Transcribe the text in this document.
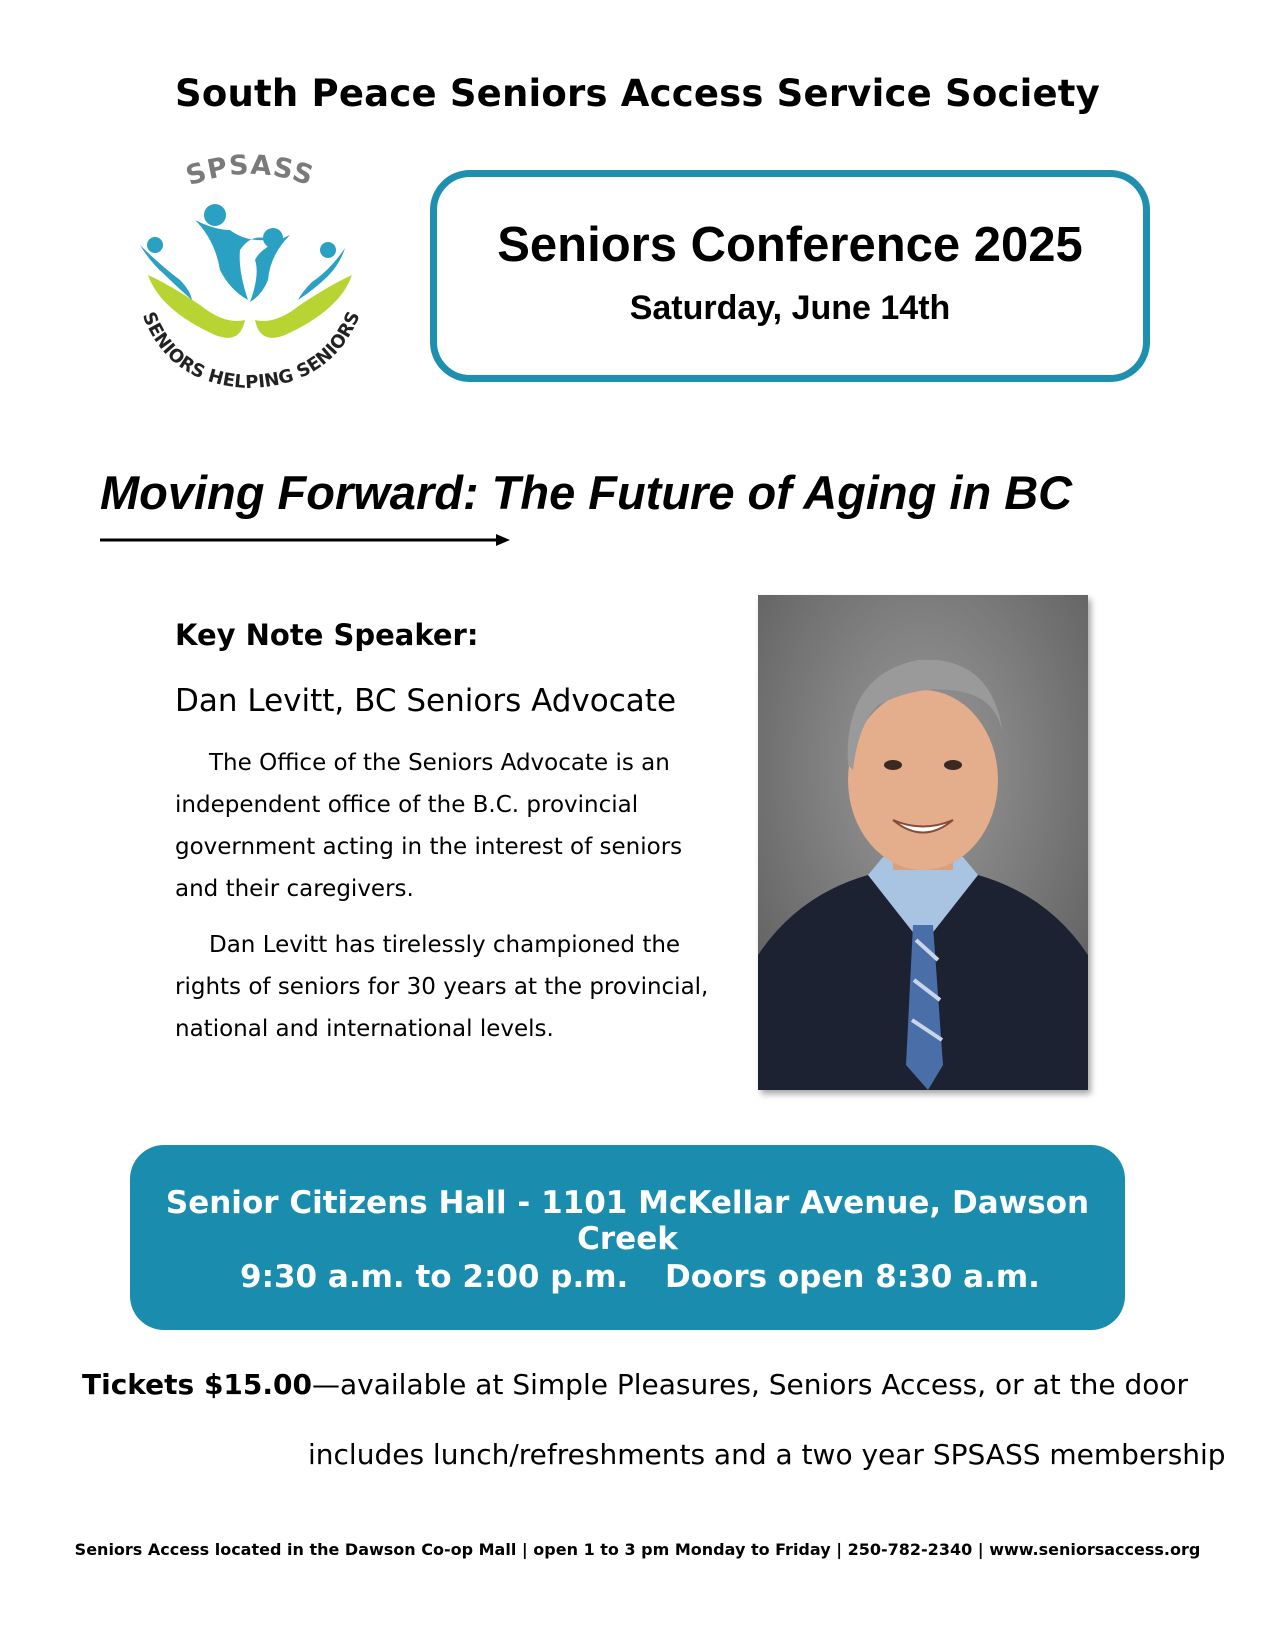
South Peace Seniors Access Service Society
SPSASS
SENIORS HELPING SENIORS
Seniors Conference 2025
Saturday, June 14th
Moving Forward: The Future of Aging in BC
Key Note Speaker:
Dan Levitt, BC Seniors Advocate

The Office of the Seniors Advocate is an independent office of the B.C. provincial government acting in the interest of seniors and their caregivers.

Dan Levitt has tirelessly championed the rights of seniors for 30 years at the provincial, national and international levels.

Senior Citizens Hall - 1101 McKellar Avenue, Dawson Creek
9:30 a.m. to 2:00 p.m. Doors open 8:30 a.m.
Tickets $15.00—available at Simple Pleasures, Seniors Access, or at the door
includes lunch/refreshments and a two year SPSASS membership
Seniors Access located in the Dawson Co-op Mall | open 1 to 3 pm Monday to Friday | 250-782-2340 | www.seniorsaccess.org
